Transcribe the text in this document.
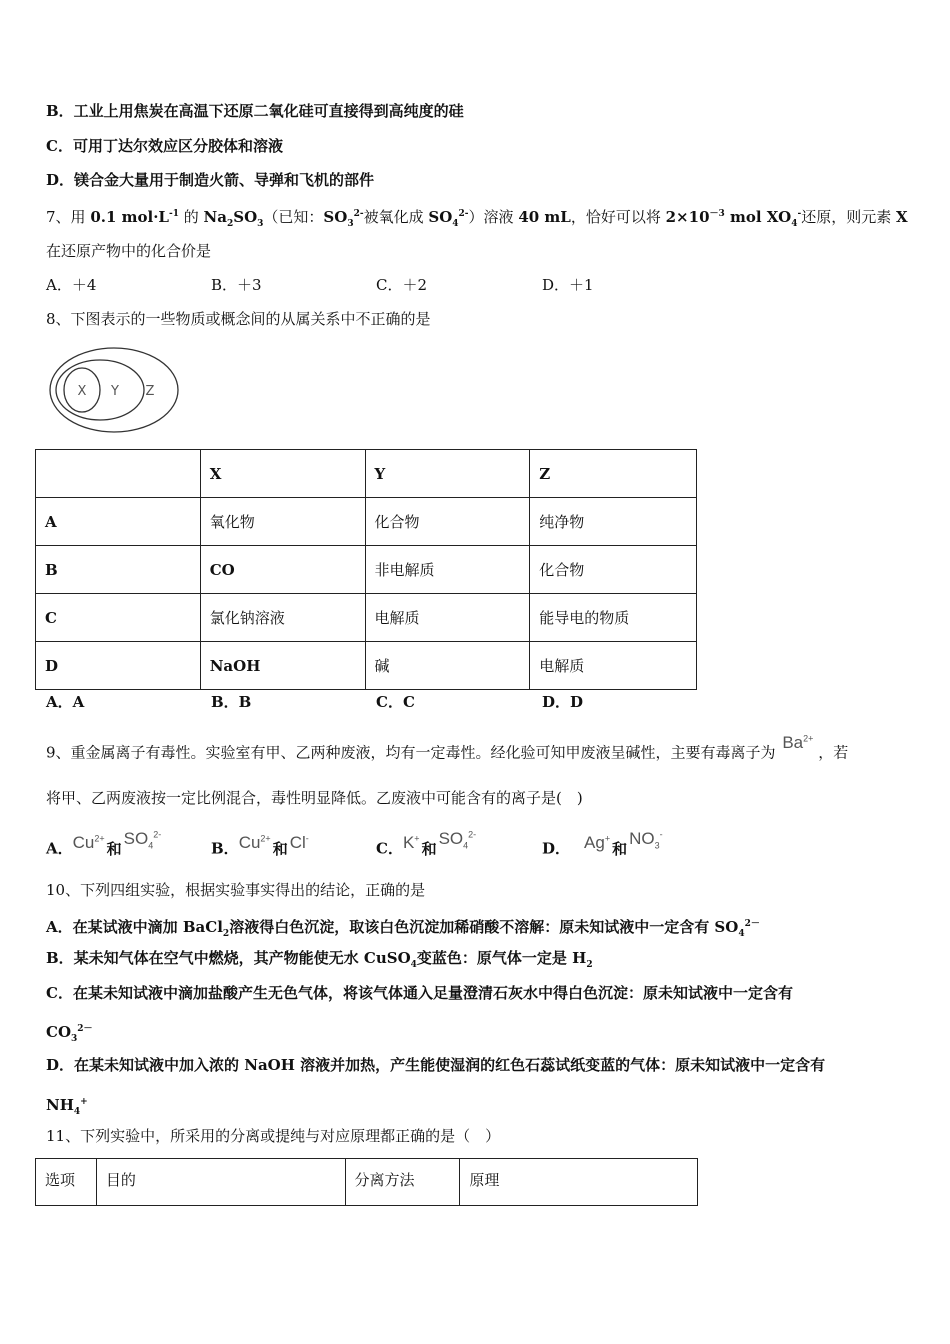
B．工业上用焦炭在高温下还原二氧化硅可直接得到高纯度的硅
C．可用丁达尔效应区分胶体和溶液
D．镁合金大量用于制造火箭、导弹和飞机的部件
7、用 0.1 $mol\cdot L^{-1}$ 的 $Na_2SO_3$（已知：$SO_3^{2-}$被氧化成 $SO_4^{2-}$）溶液 40 mL，恰好可以将 $2\times 10^{-3}$ mol $XO_4^-$还原，则元素 X
在还原产物中的化合价是
A．＋4	B．＋3	C．＋2	D．＋1
8、下图表示的一些物质或概念间的从属关系中不正确的是
X Y Z
	X	Y	Z
A	氧化物	化合物	纯净物
B	CO	非电解质	化合物
C	氯化钠溶液	电解质	能导电的物质
D	NaOH	碱	电解质
A．A	B．B	C．C	D．D
9、重金属离子有毒性。实验室有甲、乙两种废液，均有一定毒性。经化验可知甲废液呈碱性，主要有毒离子为 $Ba^{2+}$ ，若
将甲、乙两废液按一定比例混合，毒性明显降低。乙废液中可能含有的离子是(　)
A．$Cu^{2+}$和$SO_4^{2-}$
B．$Cu^{2+}$和 Cl-
C．K+和$SO_4^{2-}$
D． Ag+和$NO_3^-$
10、下列四组实验，根据实验事实得出的结论，正确的是
A．在某试液中滴加 BaCl$_2$溶液得白色沉淀，取该白色沉淀加稀硝酸不溶解：原未知试液中一定含有 $SO_4^{2-}$
B．某未知气体在空气中燃烧，其产物能使无水 CuSO$_4$变蓝色：原气体一定是 $H_2$
C．在某未知试液中滴加盐酸产生无色气体，将该气体通入足量澄清石灰水中得白色沉淀：原未知试液中一定含有
$CO_3^{2-}$
D．在某未知试液中加入浓的 NaOH 溶液并加热，产生能使湿润的红色石蕊试纸变蓝的气体：原未知试液中一定含有
$NH_4^+$
11、下列实验中，所采用的分离或提纯与对应原理都正确的是（　）
选项	目的	分离方法	原理
